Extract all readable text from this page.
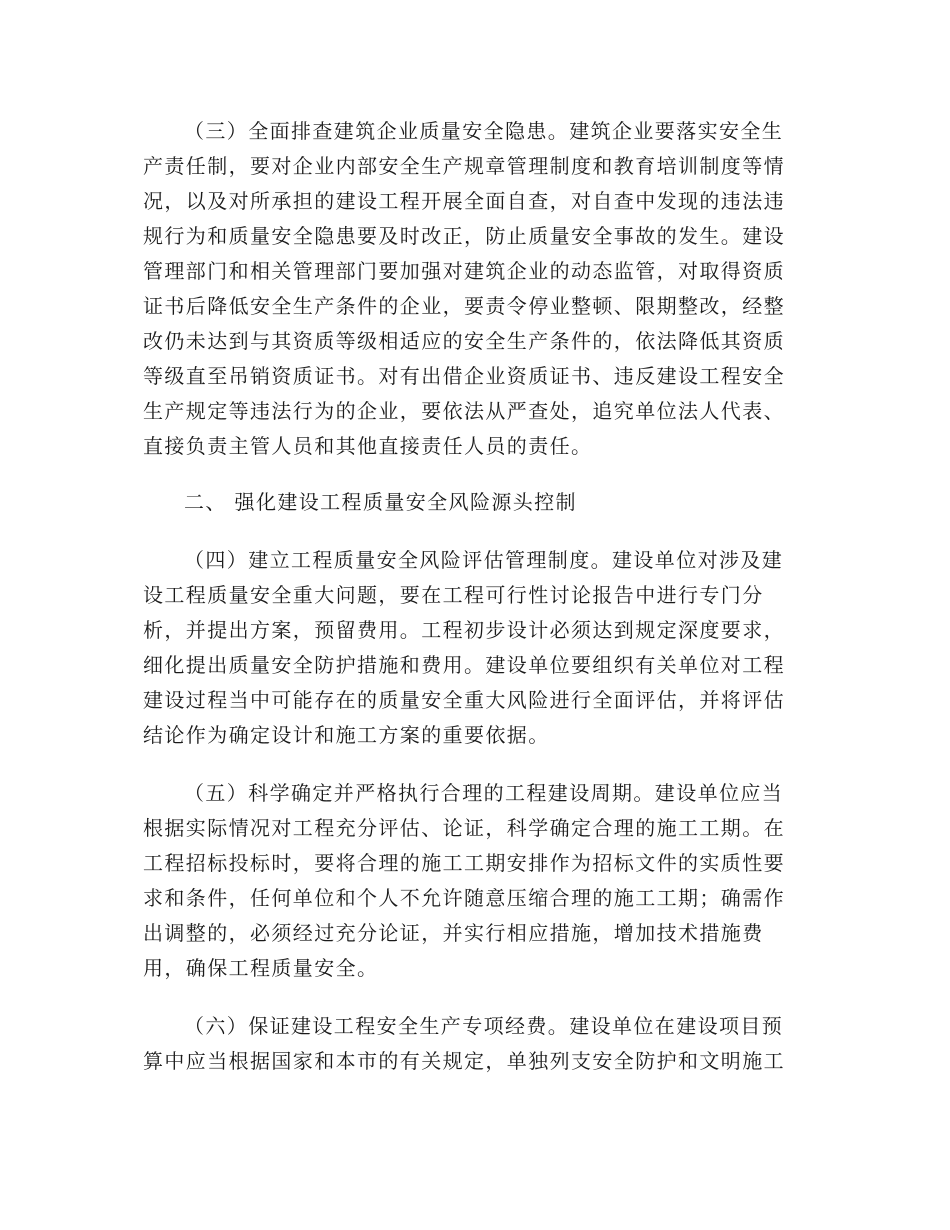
（三）全面排查建筑企业质量安全隐患。建筑企业要落实安全生

产责任制，要对企业内部安全生产规章管理制度和教育培训制度等情

况，以及对所承担的建设工程开展全面自查，对自查中发现的违法违

规行为和质量安全隐患要及时改正，防止质量安全事故的发生。建设

管理部门和相关管理部门要加强对建筑企业的动态监管，对取得资质

证书后降低安全生产条件的企业，要责令停业整顿、限期整改，经整

改仍未达到与其资质等级相适应的安全生产条件的，依法降低其资质

等级直至吊销资质证书。对有出借企业资质证书、违反建设工程安全

生产规定等违法行为的企业，要依法从严查处，追究单位法人代表、

直接负责主管人员和其他直接责任人员的责任。

二、 强化建设工程质量安全风险源头控制

（四）建立工程质量安全风险评估管理制度。建设单位对涉及建

设工程质量安全重大问题，要在工程可行性讨论报告中进行专门分

析，并提出方案，预留费用。工程初步设计必须达到规定深度要求，

细化提出质量安全防护措施和费用。建设单位要组织有关单位对工程

建设过程当中可能存在的质量安全重大风险进行全面评估，并将评估

结论作为确定设计和施工方案的重要依据。

（五）科学确定并严格执行合理的工程建设周期。建设单位应当

根据实际情况对工程充分评估、论证，科学确定合理的施工工期。在

工程招标投标时，要将合理的施工工期安排作为招标文件的实质性要

求和条件，任何单位和个人不允许随意压缩合理的施工工期；确需作

出调整的，必须经过充分论证，并实行相应措施，增加技术措施费

用，确保工程质量安全。

（六）保证建设工程安全生产专项经费。建设单位在建设项目预

算中应当根据国家和本市的有关规定，单独列支安全防护和文明施工
